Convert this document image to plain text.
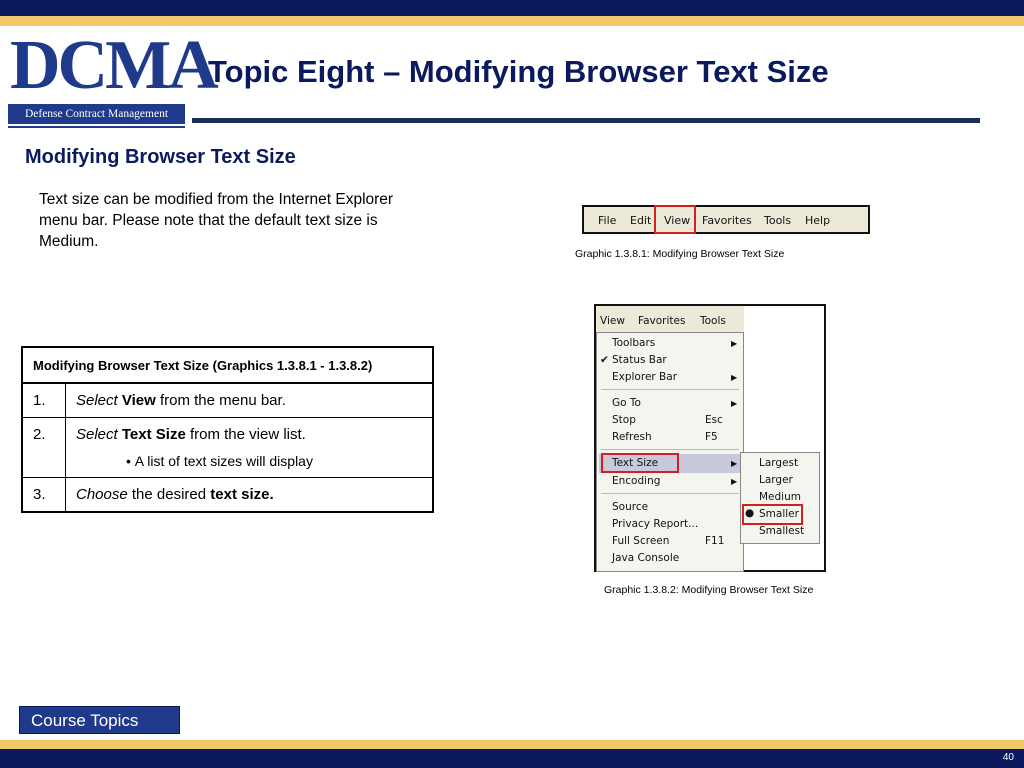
DCMA
Defense Contract Management Agency
Topic Eight – Modifying Browser Text Size
Modifying Browser Text Size
Text size can be modified from the Internet Explorer menu bar. Please note that the default text size is Medium.
Modifying Browser Text Size (Graphics 1.3.8.1 - 1.3.8.2)	
1.	Select View from the menu bar.
2.	Select Text Size from the view list.
• A list of text sizes will display

3.	Choose the desired text size.
File Edit View Favorites Tools Help
Graphic 1.3.8.1: Modifying Browser Text Size
View Favorites Tools
Toolbars	▶
✔ Status Bar
Explorer Bar	▶
Go To	▶
Stop	Esc
Refresh	F5
Text Size	▶
Encoding	▶
Source
Privacy Report...
Full Screen	F11
Java Console
Largest
Larger
Medium
● Smaller
Smallest
Graphic 1.3.8.2: Modifying Browser Text Size
Course Topics
40
